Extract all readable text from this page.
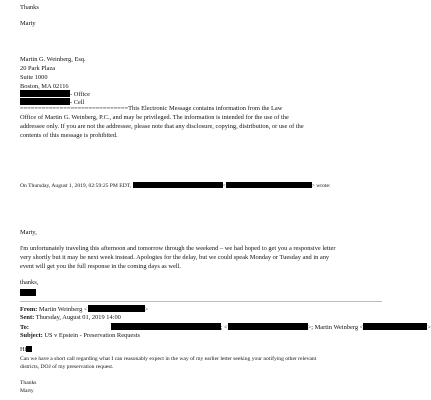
Thanks
Marty
Martin G. Weinberg, Esq.
20 Park Plaza
Suite 1000
Boston, MA 02116
- Office
- Cell
==============================This Electronic Message contains information from the Law
Office of Martin G. Weinberg, P.C., and may be privileged. The information is intended for the use of the
addressee only. If you are not the addressee, please note that any disclosure, copying, distribution, or use of the
contents of this message is prohibited.
On Thursday, August 1, 2019, 02:59:25 PM EDT,	<	> wrote:
Marty,
I'm unfortunately traveling this afternoon and tomorrow through the weekend – we had hoped to get you a responsive letter
very shortly but it may be next week instead. Apologies for the delay, but we could speak Monday or Tuesday and in any
event will get you the full response in the coming days as well.
thanks,
From: Martin Weinberg <	>
Sent: Thursday, August 01, 2019 14:00
To:	; <	>; Martin Weinberg <	>
Subject: US v Epstein - Preservation Requests
Hi
Can we have a short call regarding what I can reasonably expect in the way of my earlier letter seeking your notifying other relevant
districts, DOJ of my preservation request.
Thanks
Marty
